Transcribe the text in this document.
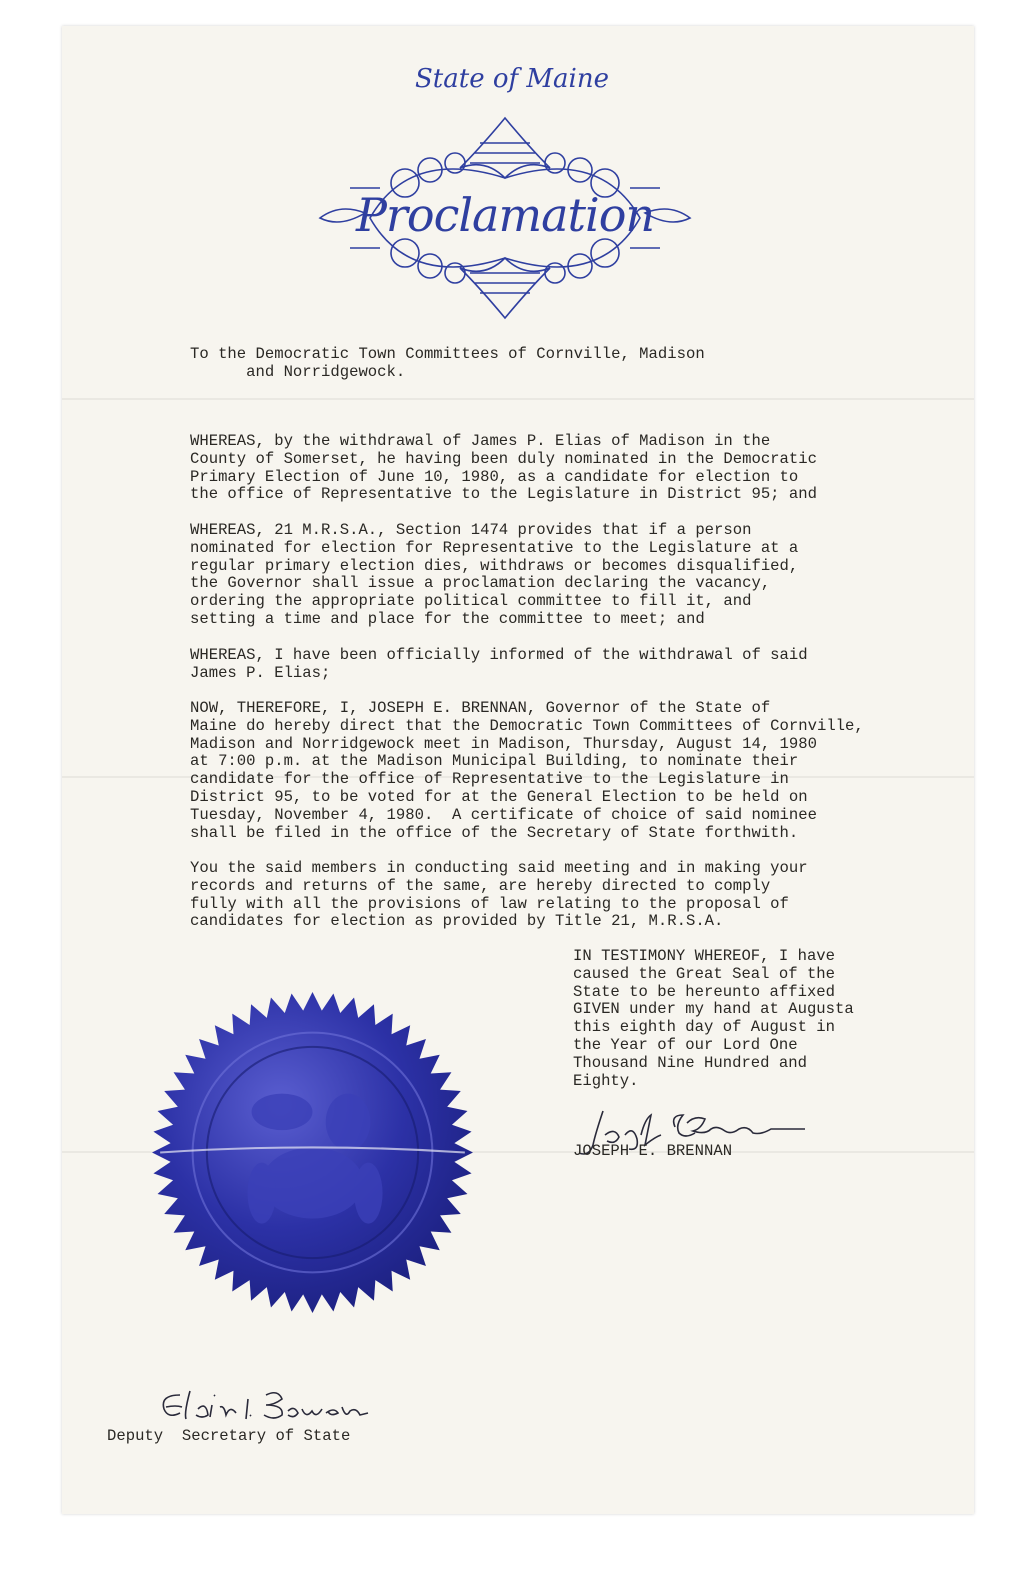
State of Maine
Proclamation
To the Democratic Town Committees of Cornville, Madison
and Norridgewock.
WHEREAS, by the withdrawal of James P. Elias of Madison in the
County of Somerset, he having been duly nominated in the Democratic
Primary Election of June 10, 1980, as a candidate for election to
the office of Representative to the Legislature in District 95; and
WHEREAS, 21 M.R.S.A., Section 1474 provides that if a person
nominated for election for Representative to the Legislature at a
regular primary election dies, withdraws or becomes disqualified,
the Governor shall issue a proclamation declaring the vacancy,
ordering the appropriate political committee to fill it, and
setting a time and place for the committee to meet; and
WHEREAS, I have been officially informed of the withdrawal of said
James P. Elias;
NOW, THEREFORE, I, JOSEPH E. BRENNAN, Governor of the State of
Maine do hereby direct that the Democratic Town Committees of Cornville,
Madison and Norridgewock meet in Madison, Thursday, August 14, 1980
at 7:00 p.m. at the Madison Municipal Building, to nominate their
candidate for the office of Representative to the Legislature in
District 95, to be voted for at the General Election to be held on
Tuesday, November 4, 1980.  A certificate of choice of said nominee
shall be filed in the office of the Secretary of State forthwith.
You the said members in conducting said meeting and in making your
records and returns of the same, are hereby directed to comply
fully with all the provisions of law relating to the proposal of
candidates for election as provided by Title 21, M.R.S.A.
IN TESTIMONY WHEREOF, I have
caused the Great Seal of the
State to be hereunto affixed
GIVEN under my hand at Augusta
this eighth day of August in
the Year of our Lord One
Thousand Nine Hundred and
Eighty.
JOSEPH E. BRENNAN
Deputy  Secretary of State
